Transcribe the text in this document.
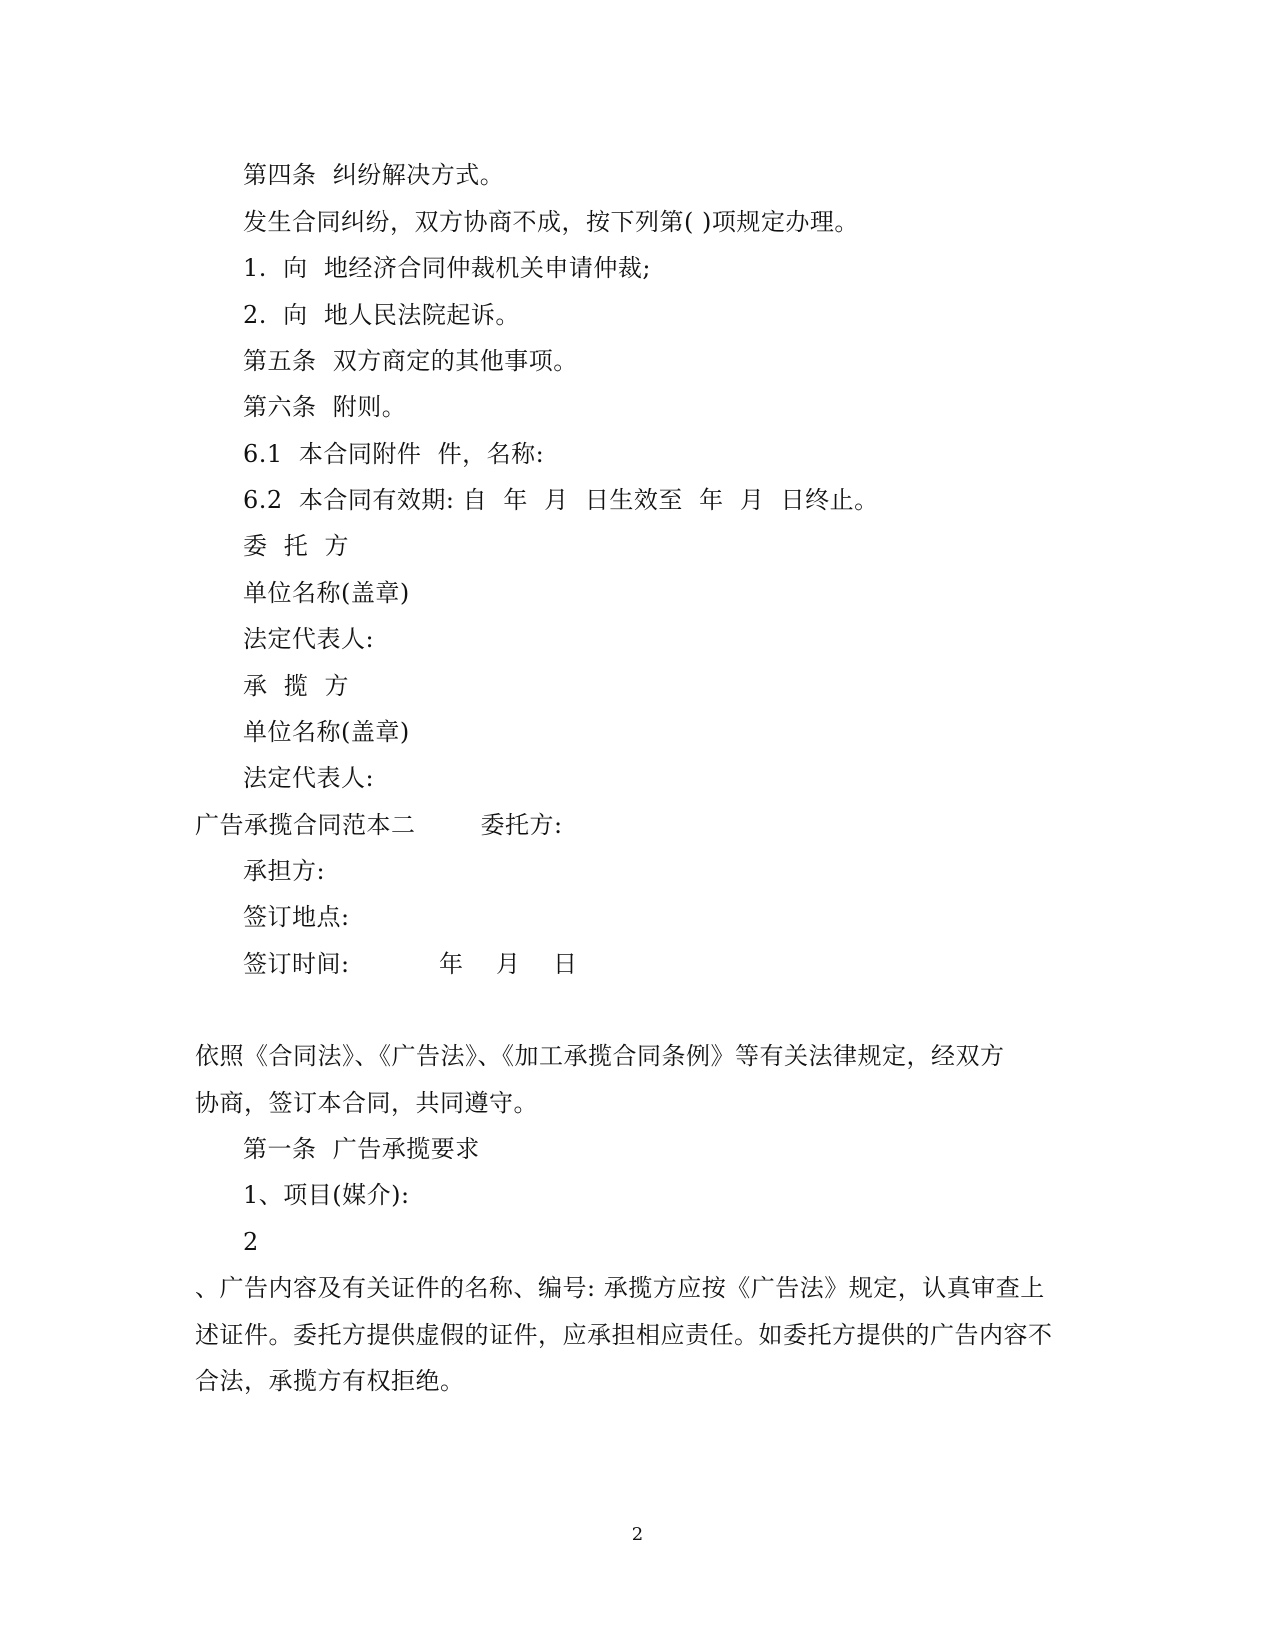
第四条  纠纷解决方式。
发生合同纠纷，双方协商不成，按下列第( )项规定办理。
1.  向  地经济合同仲裁机关申请仲裁;
2.  向  地人民法院起诉。
第五条  双方商定的其他事项。
第六条  附则。
6.1  本合同附件  件，名称:
6.2  本合同有效期: 自  年  月  日生效至  年  月  日终止。
委  托  方
单位名称(盖章)
法定代表人:
承  揽  方
单位名称(盖章)
法定代表人:
广告承揽合同范本二        委托方:
承担方:
签订地点:
签订时间:           年    月    日
依照《合同法》、《广告法》、《加工承揽合同条例》等有关法律规定，经双方
协商，签订本合同，共同遵守。
第一条  广告承揽要求
1、项目(媒介):
2
、广告内容及有关证件的名称、编号: 承揽方应按《广告法》规定，认真审查上
述证件。委托方提供虚假的证件，应承担相应责任。如委托方提供的广告内容不
合法，承揽方有权拒绝。
2
